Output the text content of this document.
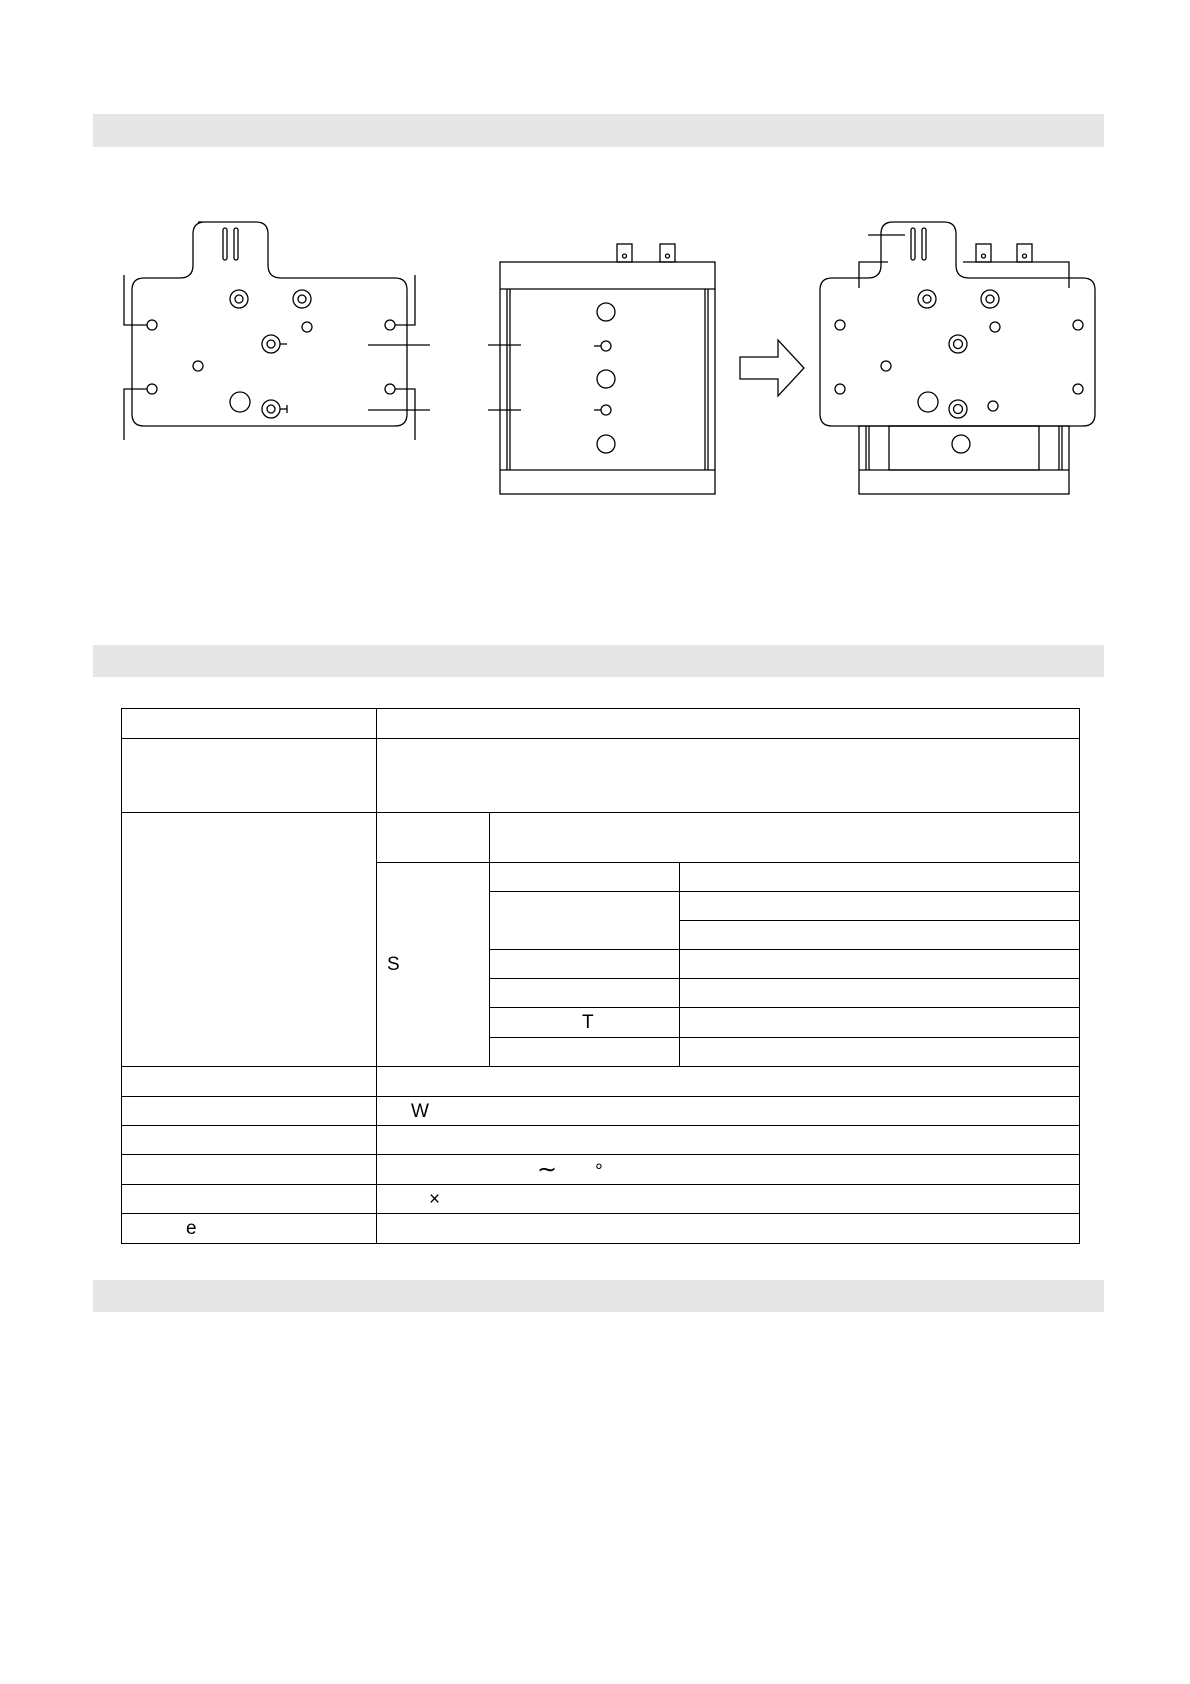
	S		

		T	

	W		

	∼ °		
	×		
e			
